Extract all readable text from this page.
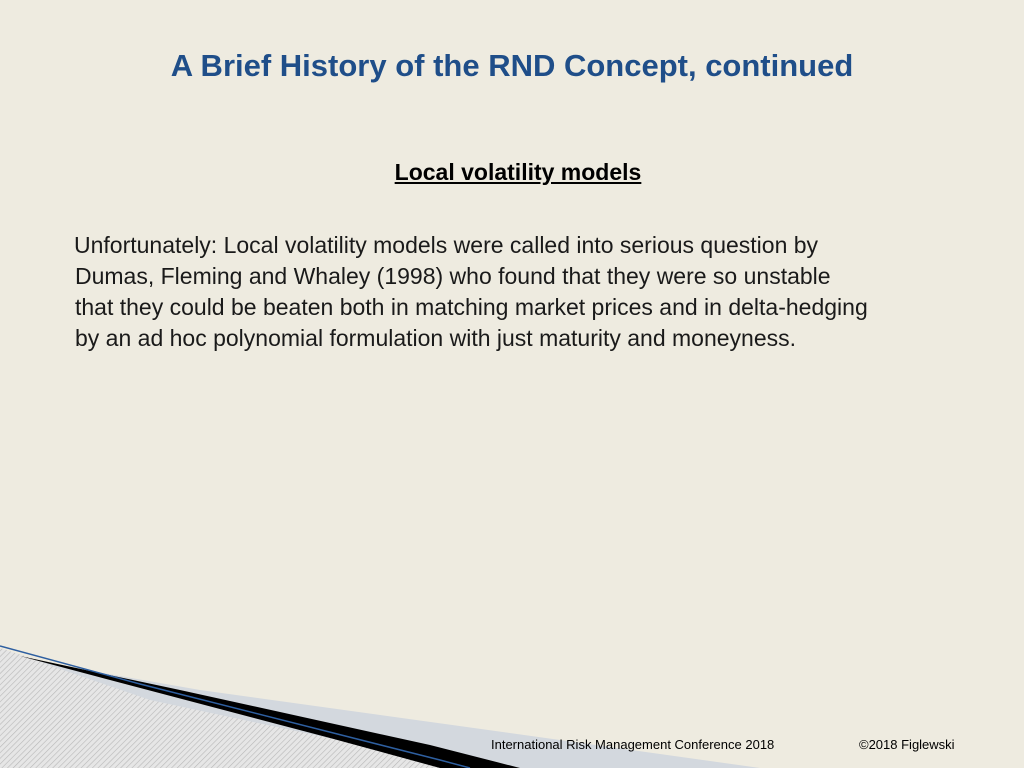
A Brief History of the RND Concept, continued
Local volatility models
Unfortunately: Local volatility models were called into serious question by
Dumas, Fleming and Whaley (1998) who found that they were so unstable
that they could be beaten both in matching market prices and in delta-hedging
by an ad hoc polynomial formulation with just maturity and moneyness.
International Risk Management Conference 2018	©2018 Figlewski
